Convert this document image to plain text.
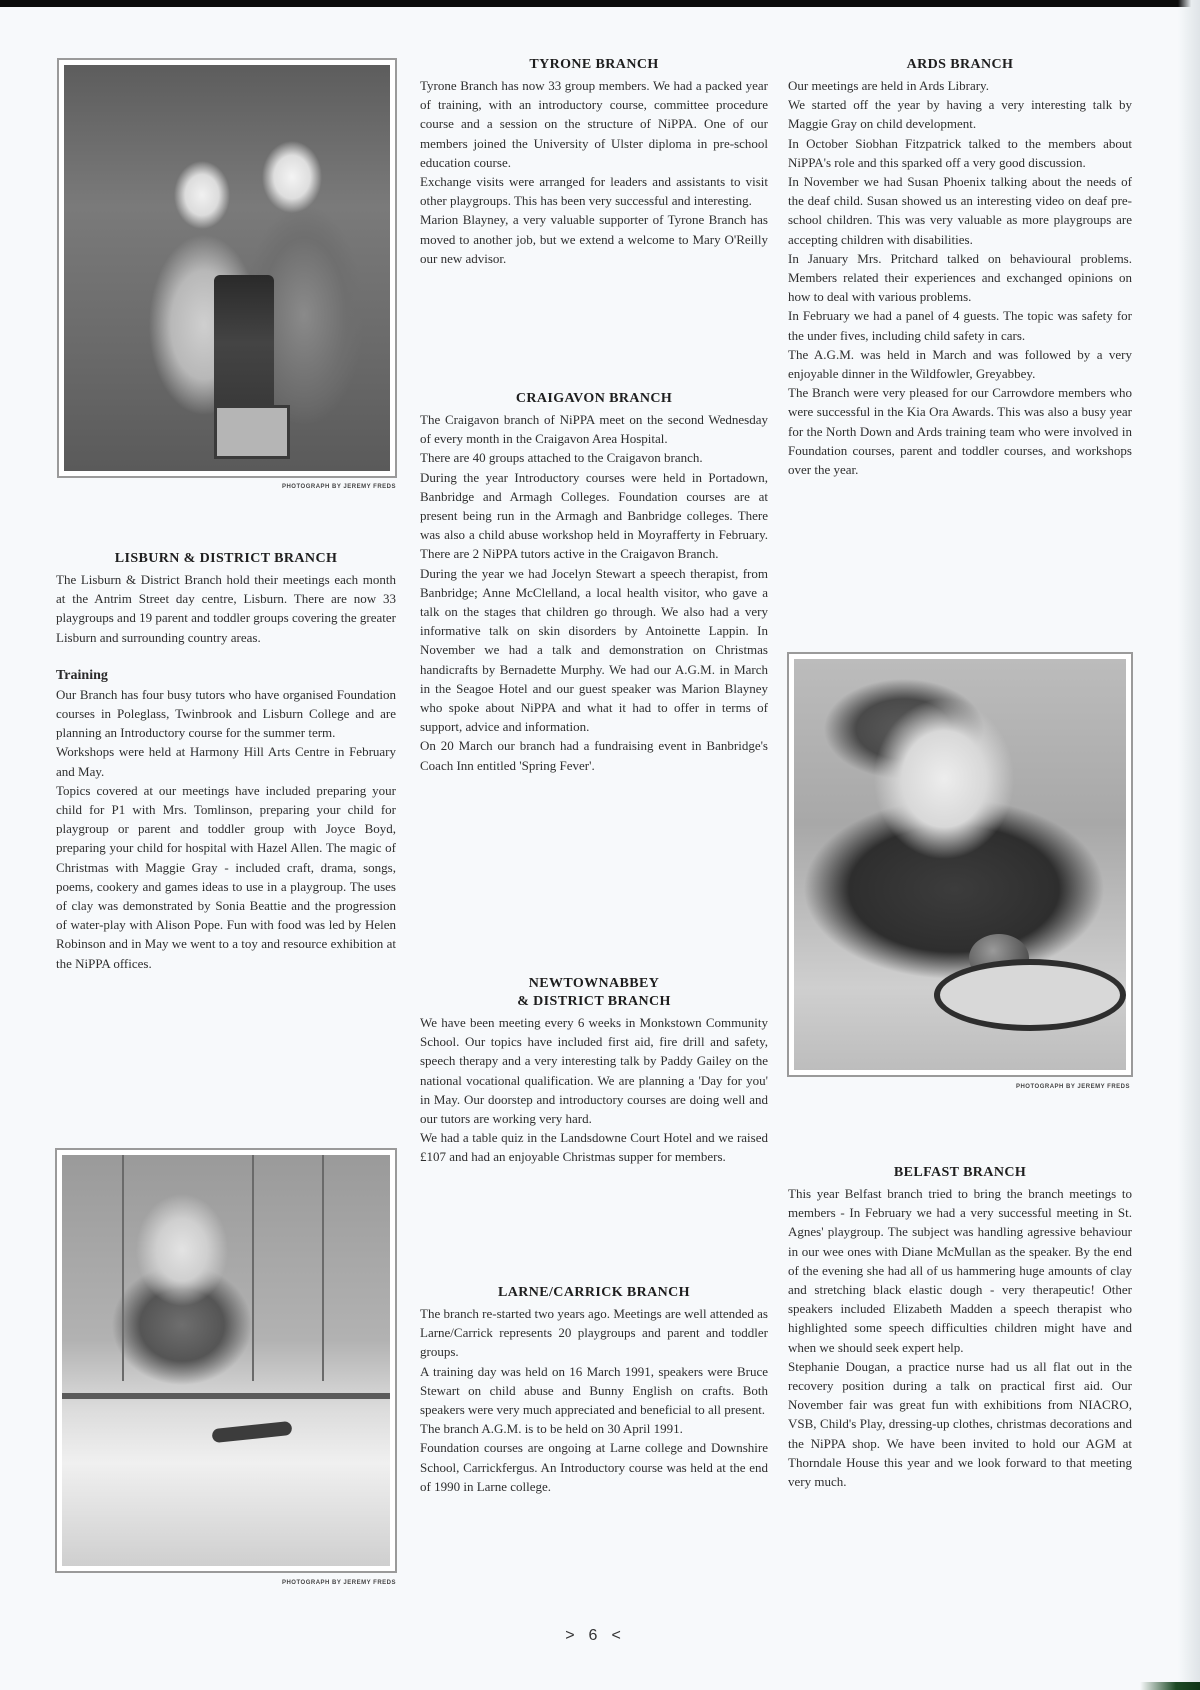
PHOTOGRAPH BY JEREMY FREDS
LISBURN & DISTRICT BRANCH

The Lisburn & District Branch hold their meetings each month at the Antrim Street day centre, Lisburn. There are now 33 playgroups and 19 parent and toddler groups covering the greater Lisburn and surrounding country areas.

Training

Our Branch has four busy tutors who have organised Foundation courses in Poleglass, Twinbrook and Lisburn College and are planning an Introductory course for the summer term.

Workshops were held at Harmony Hill Arts Centre in February and May.

Topics covered at our meetings have included preparing your child for P1 with Mrs. Tomlinson, preparing your child for playgroup or parent and toddler group with Joyce Boyd, preparing your child for hospital with Hazel Allen. The magic of Christmas with Maggie Gray - included craft, drama, songs, poems, cookery and games ideas to use in a playgroup. The uses of clay was demonstrated by Sonia Beattie and the progression of water-play with Alison Pope. Fun with food was led by Helen Robinson and in May we went to a toy and resource exhibition at the NiPPA offices.

PHOTOGRAPH BY JEREMY FREDS
TYRONE BRANCH

Tyrone Branch has now 33 group members. We had a packed year of training, with an introductory course, committee procedure course and a session on the structure of NiPPA. One of our members joined the University of Ulster diploma in pre-school education course.

Exchange visits were arranged for leaders and assistants to visit other playgroups. This has been very successful and interesting.

Marion Blayney, a very valuable supporter of Tyrone Branch has moved to another job, but we extend a welcome to Mary O'Reilly our new advisor.

CRAIGAVON BRANCH

The Craigavon branch of NiPPA meet on the second Wednesday of every month in the Craigavon Area Hospital.

There are 40 groups attached to the Craigavon branch.

During the year Introductory courses were held in Portadown, Banbridge and Armagh Colleges. Foundation courses are at present being run in the Armagh and Banbridge colleges. There was also a child abuse workshop held in Moyrafferty in February. There are 2 NiPPA tutors active in the Craigavon Branch.

During the year we had Jocelyn Stewart a speech therapist, from Banbridge; Anne McClelland, a local health visitor, who gave a talk on the stages that children go through. We also had a very informative talk on skin disorders by Antoinette Lappin. In November we had a talk and demonstration on Christmas handicrafts by Bernadette Murphy. We had our A.G.M. in March in the Seagoe Hotel and our guest speaker was Marion Blayney who spoke about NiPPA and what it had to offer in terms of support, advice and information.

On 20 March our branch had a fundraising event in Banbridge's Coach Inn entitled 'Spring Fever'.

NEWTOWNABBEY
& DISTRICT BRANCH

We have been meeting every 6 weeks in Monkstown Community School. Our topics have included first aid, fire drill and safety, speech therapy and a very interesting talk by Paddy Gailey on the national vocational qualification. We are planning a 'Day for you' in May. Our doorstep and introductory courses are doing well and our tutors are working very hard.

We had a table quiz in the Landsdowne Court Hotel and we raised £107 and had an enjoyable Christmas supper for members.

LARNE/CARRICK BRANCH

The branch re-started two years ago. Meetings are well attended as Larne/Carrick represents 20 playgroups and parent and toddler groups.

A training day was held on 16 March 1991, speakers were Bruce Stewart on child abuse and Bunny English on crafts. Both speakers were very much appreciated and beneficial to all present.

The branch A.G.M. is to be held on 30 April 1991.

Foundation courses are ongoing at Larne college and Downshire School, Carrickfergus. An Introductory course was held at the end of 1990 in Larne college.

ARDS BRANCH

Our meetings are held in Ards Library.

We started off the year by having a very interesting talk by Maggie Gray on child development.

In October Siobhan Fitzpatrick talked to the members about NiPPA's role and this sparked off a very good discussion.

In November we had Susan Phoenix talking about the needs of the deaf child. Susan showed us an interesting video on deaf pre-school children. This was very valuable as more playgroups are accepting children with disabilities.

In January Mrs. Pritchard talked on behavioural problems. Members related their experiences and exchanged opinions on how to deal with various problems.

In February we had a panel of 4 guests. The topic was safety for the under fives, including child safety in cars.

The A.G.M. was held in March and was followed by a very enjoyable dinner in the Wildfowler, Greyabbey.

The Branch were very pleased for our Carrowdore members who were successful in the Kia Ora Awards. This was also a busy year for the North Down and Ards training team who were involved in Foundation courses, parent and toddler courses, and workshops over the year.

PHOTOGRAPH BY JEREMY FREDS
BELFAST BRANCH

This year Belfast branch tried to bring the branch meetings to members - In February we had a very successful meeting in St. Agnes' playgroup. The subject was handling agressive behaviour in our wee ones with Diane McMullan as the speaker. By the end of the evening she had all of us hammering huge amounts of clay and stretching black elastic dough - very therapeutic! Other speakers included Elizabeth Madden a speech therapist who highlighted some speech difficulties children might have and when we should seek expert help.

Stephanie Dougan, a practice nurse had us all flat out in the recovery position during a talk on practical first aid. Our November fair was great fun with exhibitions from NIACRO, VSB, Child's Play, dressing-up clothes, christmas decorations and the NiPPA shop. We have been invited to hold our AGM at Thorndale House this year and we look forward to that meeting very much.

>6<
